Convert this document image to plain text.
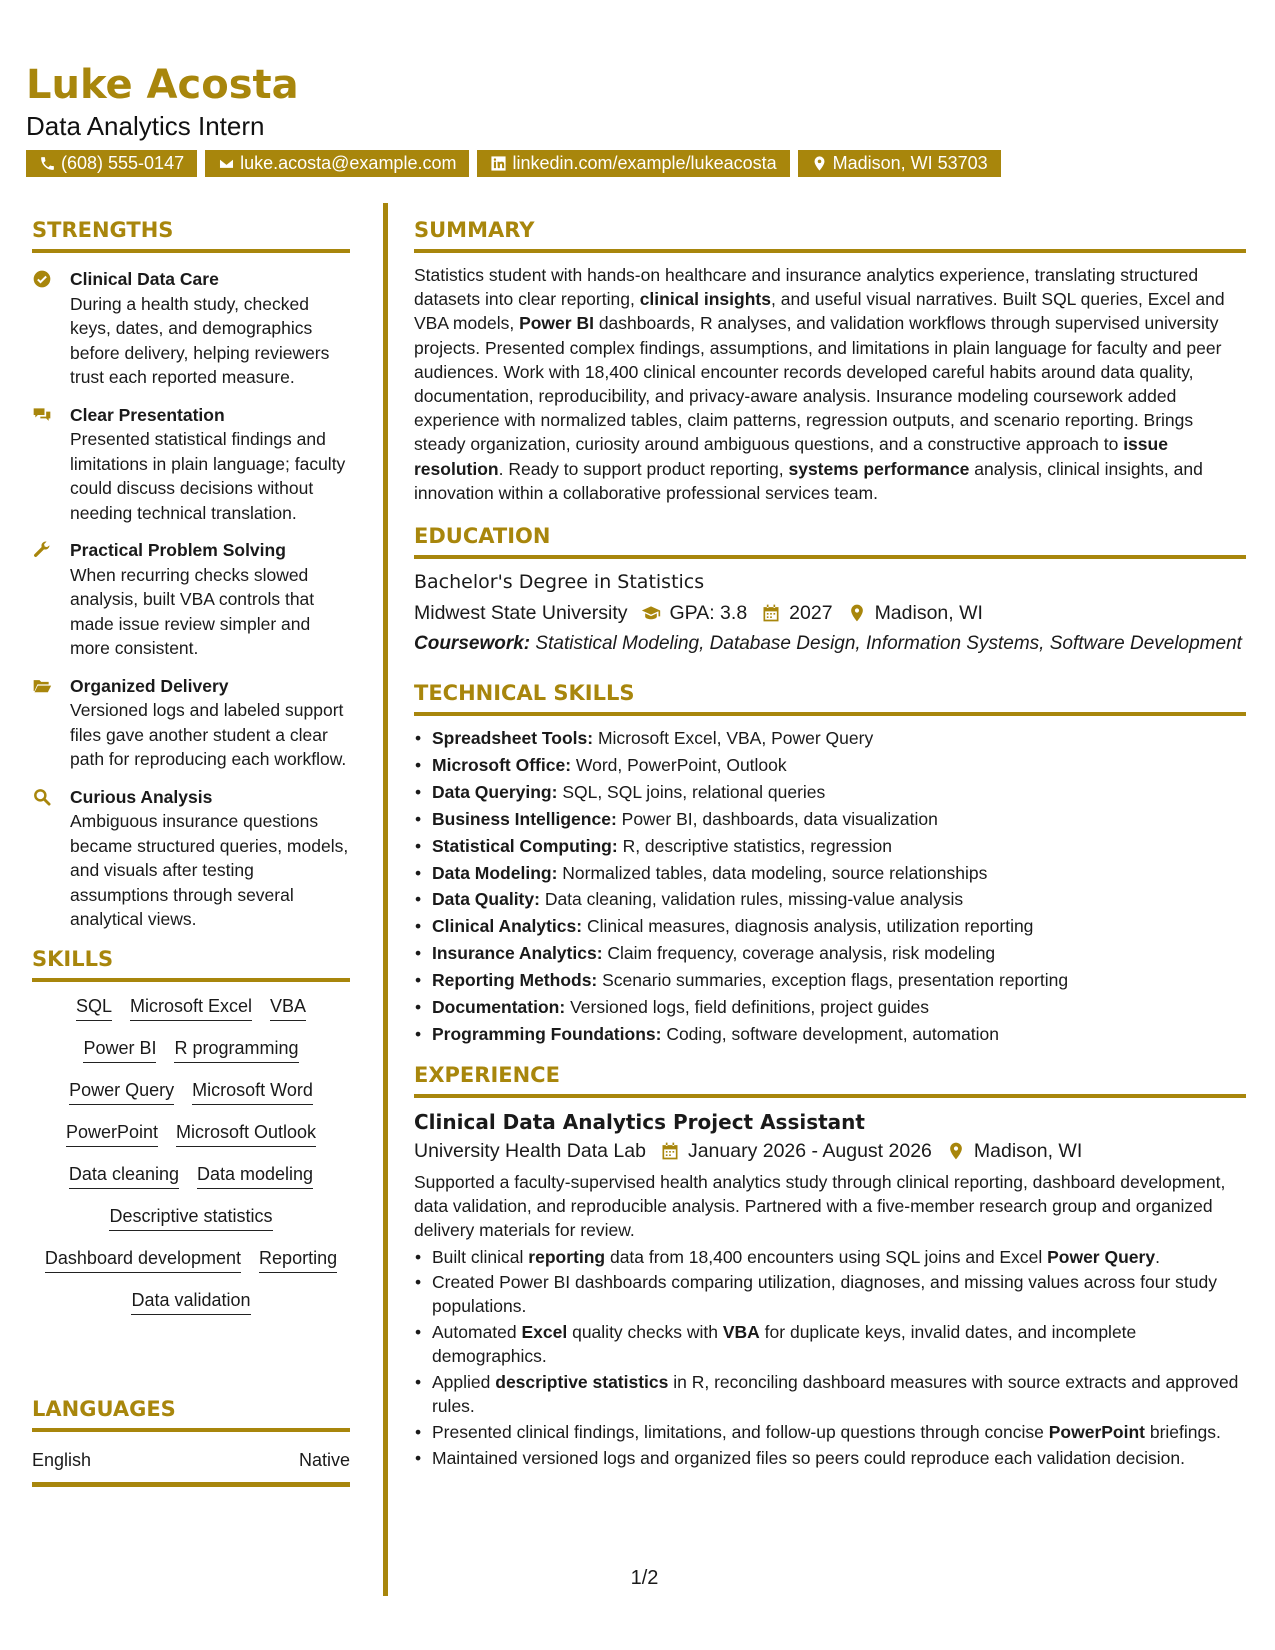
Luke Acosta
Data Analytics Intern
(608) 555-0147	luke.acosta@example.com	linkedin.com/example/lukeacosta	Madison, WI 53703
STRENGTHS
Clinical Data Care
During a health study, checked keys, dates, and demographics before delivery, helping reviewers trust each reported measure.
Clear Presentation
Presented statistical findings and limitations in plain language; faculty could discuss decisions without needing technical translation.
Practical Problem Solving
When recurring checks slowed analysis, built VBA controls that made issue review simpler and more consistent.
Organized Delivery
Versioned logs and labeled support files gave another student a clear path for reproducing each workflow.
Curious Analysis
Ambiguous insurance questions became structured queries, models, and visuals after testing assumptions through several analytical views.
SKILLS
SQL Microsoft Excel VBA
Power BI R programming
Power Query Microsoft Word
PowerPoint Microsoft Outlook
Data cleaning Data modeling
Descriptive statistics
Dashboard development Reporting
Data validation
LANGUAGES
English	Native
SUMMARY

Statistics student with hands-on healthcare and insurance analytics experience, translating structured datasets into clear reporting, clinical insights, and useful visual narratives. Built SQL queries, Excel and VBA models, Power BI dashboards, R analyses, and validation workflows through supervised university projects. Presented complex findings, assumptions, and limitations in plain language for faculty and peer audiences. Work with 18,400 clinical encounter records developed careful habits around data quality, documentation, reproducibility, and privacy-aware analysis. Insurance modeling coursework added experience with normalized tables, claim patterns, regression outputs, and scenario reporting. Brings steady organization, curiosity around ambiguous questions, and a constructive approach to issue resolution. Ready to support product reporting, systems performance analysis, clinical insights, and innovation within a collaborative professional services team.

EDUCATION
Bachelor's Degree in Statistics
Midwest State University GPA: 3.8 2027 Madison, WI
Coursework: Statistical Modeling, Database Design, Information Systems, Software Development
TECHNICAL SKILLS
• Spreadsheet Tools: Microsoft Excel, VBA, Power Query
• Microsoft Office: Word, PowerPoint, Outlook
• Data Querying: SQL, SQL joins, relational queries
• Business Intelligence: Power BI, dashboards, data visualization
• Statistical Computing: R, descriptive statistics, regression
• Data Modeling: Normalized tables, data modeling, source relationships
• Data Quality: Data cleaning, validation rules, missing-value analysis
• Clinical Analytics: Clinical measures, diagnosis analysis, utilization reporting
• Insurance Analytics: Claim frequency, coverage analysis, risk modeling
• Reporting Methods: Scenario summaries, exception flags, presentation reporting
• Documentation: Versioned logs, field definitions, project guides
• Programming Foundations: Coding, software development, automation
EXPERIENCE
Clinical Data Analytics Project Assistant
University Health Data Lab January 2026 - August 2026 Madison, WI
Supported a faculty-supervised health analytics study through clinical reporting, dashboard development, data validation, and reproducible analysis. Partnered with a five-member research group and organized delivery materials for review.
• Built clinical reporting data from 18,400 encounters using SQL joins and Excel Power Query.
• Created Power BI dashboards comparing utilization, diagnoses, and missing values across four study populations.
• Automated Excel quality checks with VBA for duplicate keys, invalid dates, and incomplete demographics.
• Applied descriptive statistics in R, reconciling dashboard measures with source extracts and approved rules.
• Presented clinical findings, limitations, and follow-up questions through concise PowerPoint briefings.
• Maintained versioned logs and organized files so peers could reproduce each validation decision.
1/2
